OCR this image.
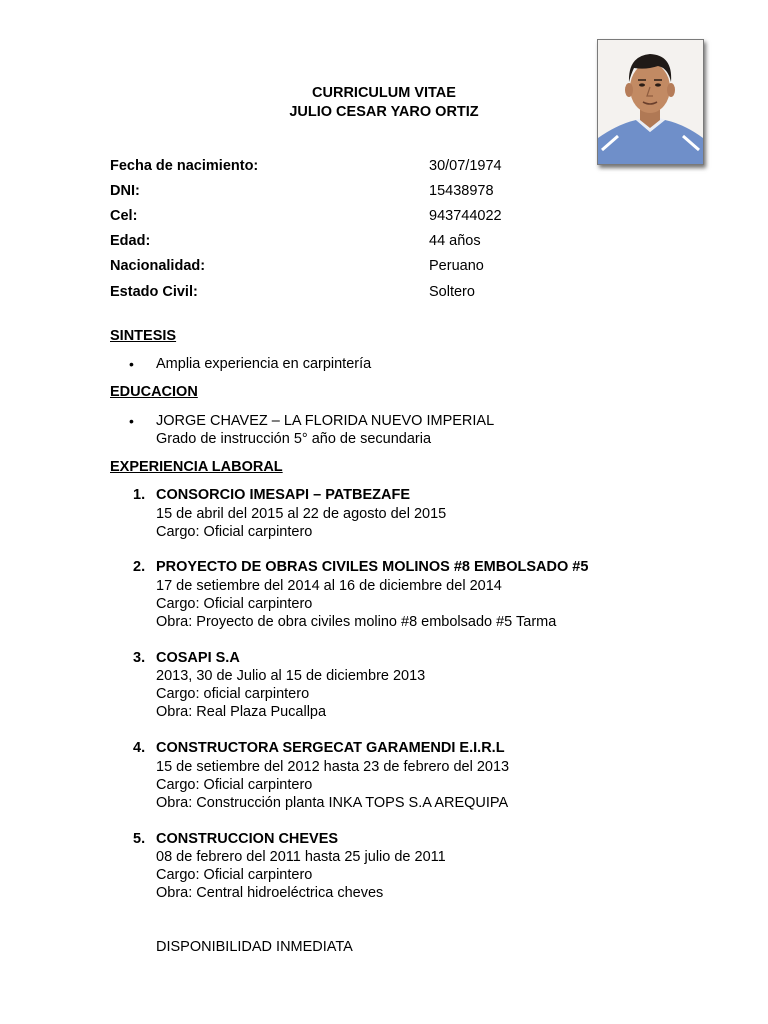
CURRICULUM VITAE
JULIO CESAR YARO ORTIZ
Fecha de nacimiento:	30/07/1974
DNI:	15438978
Cel:	943744022
Edad:	44 años
Nacionalidad:	Peruano
Estado Civil:	Soltero
SINTESIS
• Amplia experiencia en carpintería
EDUCACION
• JORGE CHAVEZ – LA FLORIDA NUEVO IMPERIAL
Grado de instrucción 5° año de secundaria
EXPERIENCIA LABORAL
1. CONSORCIO IMESAPI – PATBEZAFE
15 de abril del 2015 al 22 de agosto del 2015
Cargo: Oficial carpintero
2. PROYECTO DE OBRAS CIVILES MOLINOS #8 EMBOLSADO #5
17 de setiembre del 2014 al 16 de diciembre del 2014
Cargo: Oficial carpintero
Obra: Proyecto de obra civiles molino #8 embolsado #5 Tarma
3. COSAPI S.A
2013, 30 de Julio al 15 de diciembre 2013
Cargo: oficial carpintero
Obra: Real Plaza Pucallpa
4. CONSTRUCTORA SERGECAT GARAMENDI E.I.R.L
15 de setiembre del 2012 hasta 23 de febrero del 2013
Cargo: Oficial carpintero
Obra: Construcción planta INKA TOPS S.A AREQUIPA
5. CONSTRUCCION CHEVES
08 de febrero del 2011 hasta 25 julio de 2011
Cargo: Oficial carpintero
Obra: Central hidroeléctrica cheves
DISPONIBILIDAD INMEDIATA
